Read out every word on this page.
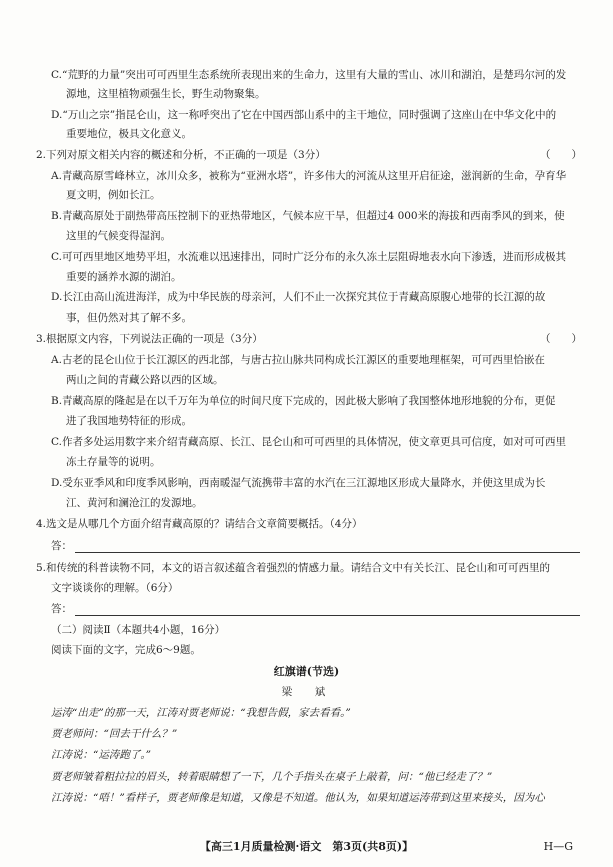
C.“荒野的力量”突出可可西里生态系统所表现出来的生命力，这里有大量的雪山、冰川和湖泊，是楚玛尔河的发
源地，这里植物顽强生长，野生动物聚集。
D.“万山之宗”指昆仑山，这一称呼突出了它在中国西部山系中的主干地位，同时强调了这座山在中华文化中的
重要地位，极具文化意义。
2.下列对原文相关内容的概述和分析，不正确的一项是（3分）	（　　）
A.青藏高原雪峰林立，冰川众多，被称为“亚洲水塔”，许多伟大的河流从这里开启征途，滋润新的生命，孕育华
夏文明，例如长江。
B.青藏高原处于副热带高压控制下的亚热带地区，气候本应干旱，但超过4 000米的海拔和西南季风的到来，使
这里的气候变得湿润。
C.可可西里地区地势平坦，水流难以迅速排出，同时广泛分布的永久冻土层阻碍地表水向下渗透，进而形成极其
重要的涵养水源的湖泊。
D.长江由高山流进海洋，成为中华民族的母亲河，人们不止一次探究其位于青藏高原腹心地带的长江源的故
事，但仍然对其了解不多。
3.根据原文内容，下列说法正确的一项是（3分）	（　　）
A.古老的昆仑山位于长江源区的西北部，与唐古拉山脉共同构成长江源区的重要地理框架，可可西里恰嵌在
两山之间的青藏公路以西的区域。
B.青藏高原的隆起是在以千万年为单位的时间尺度下完成的，因此极大影响了我国整体地形地貌的分布，更促
进了我国地势特征的形成。
C.作者多处运用数字来介绍青藏高原、长江、昆仑山和可可西里的具体情况，使文章更具可信度，如对可可西里
冻土存量等的说明。
D.受东亚季风和印度季风影响，西南暖湿气流携带丰富的水汽在三江源地区形成大量降水，并使这里成为长
江、黄河和澜沧江的发源地。
4.选文是从哪几个方面介绍青藏高原的？请结合文章简要概括。（4分）
答：
5.和传统的科普读物不同，本文的语言叙述蕴含着强烈的情感力量。请结合文中有关长江、昆仑山和可可西里的
文字谈谈你的理解。（6分）
答：
（二）阅读Ⅱ（本题共4小题，16分）
阅读下面的文字，完成6～9题。
红旗谱(节选)
梁　斌
运涛“出走”的那一天，江涛对贾老师说：“我想告假，家去看看。”
贾老师问：“回去干什么？”
江涛说：“运涛跑了。”
贾老师皱着粗拉拉的眉头，转着眼睛想了一下，几个手指头在桌子上敲着，问：“他已经走了？”
江涛说：“唔！”看样子，贾老师像是知道，又像是不知道。他认为，如果知道运涛带到这里来接头，因为心
【高三1月质量检测·语文　第3页(共8页)】	H—G
